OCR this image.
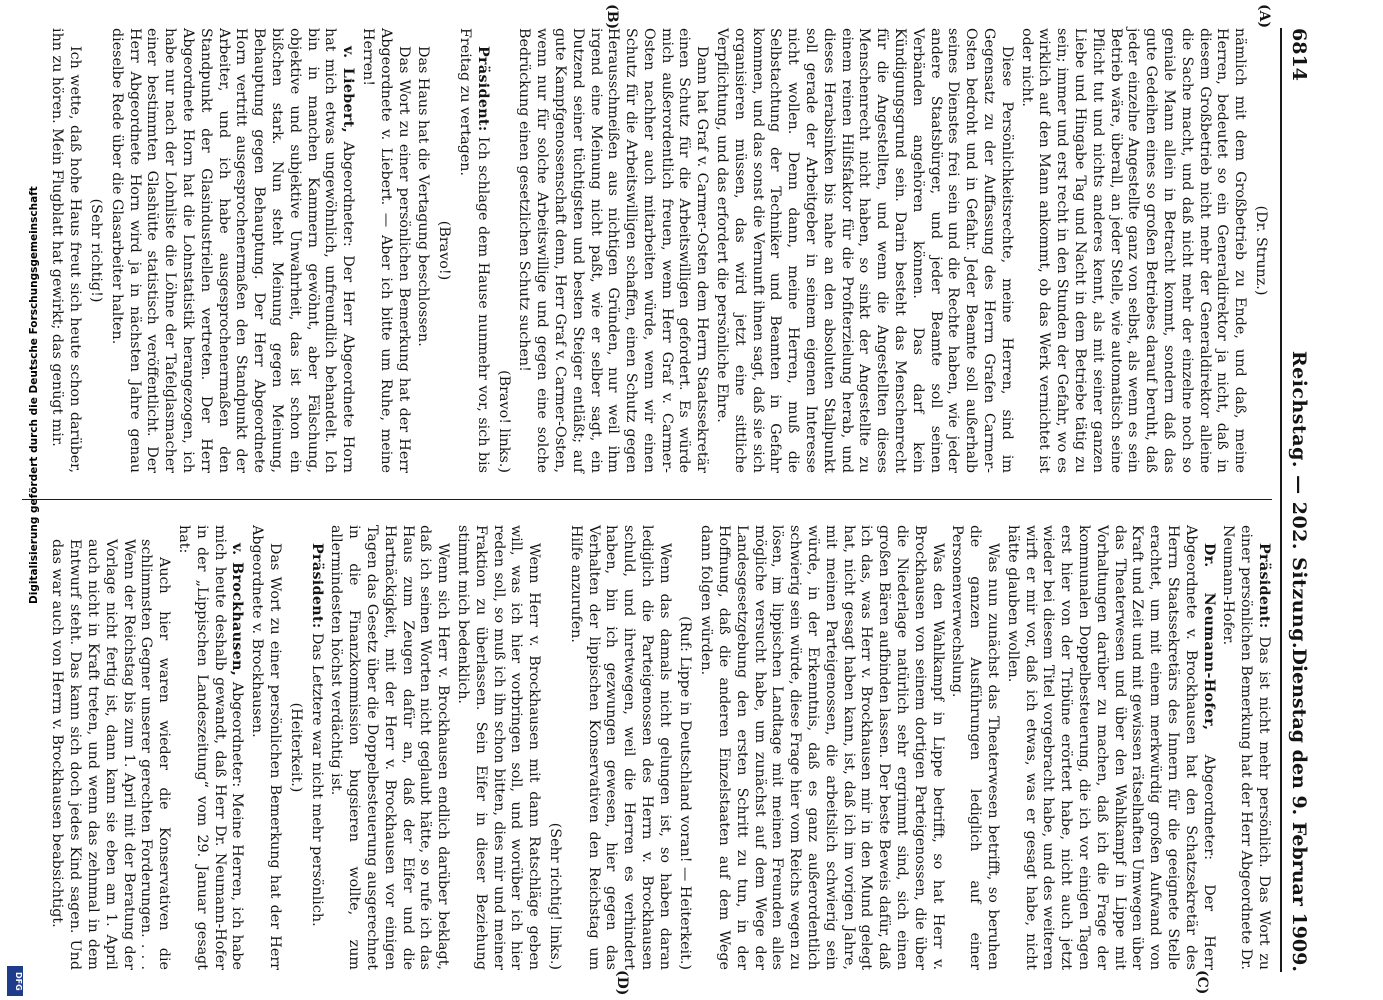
6814
Reichstag. — 202. Sitzung.
Dienstag den 9. Februar 1909.
(A)
(B)
(C)
(D)

(Dr. Strunz.)

nämlich mit dem Großbetrieb zu Ende, und daß, meine Herren, bedeutet so ein Generaldirektor ja nicht, daß in diesem Großbetrieb nicht mehr der Generaldirektor alleine die Sache macht, und daß nicht mehr der einzelne noch so geniale Mann allein in Betracht kommt, sondern daß das gute Gedeihen eines so großen Betriebes darauf beruht, daß jeder einzelne Angestellte ganz von selbst, als wenn es sein Betrieb wäre, überall, an jeder Stelle, wie automatisch seine Pflicht tut und nichts anderes kennt, als mit seiner ganzen Liebe und Hingabe Tag und Nacht in dem Betriebe tätig zu sein; immer und erst recht in den Stunden der Gefahr, wo es wirklich auf den Mann ankommt, ob das Werk vernichtet ist oder nicht.

Diese Persönlichkeitsrechte, meine Herren, sind im Gegensatz zu der Auffassung des Herrn Grafen Carmer-Osten bedroht und in Gefahr. Jeder Beamte soll außerhalb seines Dienstes frei sein und die Rechte haben, wie jeder andere Staatsbürger, und jeder Beamte soll seinen Verbänden angehören können. Das darf kein Kündigungsgrund sein. Darin besteht das Menschenrecht für die Angestellten, und wenn die Angestellten dieses Menschenrecht nicht haben, so sinkt der Angestellte zu einem reinen Hilfsfaktor für die Profiterzielung herab, und dieses Herabsinken bis nahe an den absoluten Stallpunkt soll gerade der Arbeitgeber in seinem eigenen Interesse nicht wollen. Denn dann, meine Herren, muß die Selbstachtung der Techniker und Beamten in Gefahr kommen, und das sonst die Vernunft ihnen sagt, daß sie sich organisieren müssen, das wird jetzt eine sittliche Verpflichtung, und das erfordert die persönliche Ehre.

Dann hat Graf v. Carmer-Osten dem Herrn Staatssekretär einen Schutz für die Arbeitswilligen gefordert. Es würde mich außerordentlich freuen, wenn Herr Graf v. Carmer-Osten nachher auch mitarbeiten würde, wenn wir einen Schutz für die Arbeitswilligen schaffen, einen Schutz gegen Herausschmeißen aus nichtigen Gründen, nur weil ihm irgend eine Meinung nicht paßt, wie er selber sagt, ein Dutzend seiner tüchtigsten und besten Steiger entläßt; auf gute Kampfgenossenschaft denn, Herr Graf v. Carmer-Osten, wenn nur für solche Arbeitswillige und gegen eine solche Bedrückung einen gesetzlichen Schutz suchen!

(Bravo! links.)

Präsident: Ich schlage dem Hause nunmehr vor, sich bis Freitag zu vertagen.

(Bravo!)

Das Haus hat die Vertagung beschlossen.

Das Wort zu einer persönlichen Bemerkung hat der Herr Abgeordnete v. Liebert. — Aber ich bitte um Ruhe, meine Herren!

v. Liebert, Abgeordneter: Der Herr Abgeordnete Horn hat mich etwas ungewöhnlich, unfreundlich behandelt. Ich bin in manchen Kammern gewöhnt, aber Fälschung, objektive und subjektive Unwahrheit, das ist schon ein bißchen stark. Nun steht Meinung gegen Meinung, Behauptung gegen Behauptung. Der Herr Abgeordnete Horn vertritt ausgesprochenermaßen den Standpunkt der Arbeiter, und ich habe ausgesprochenermaßen den Standpunkt der Glasindustriellen vertreten. Der Herr Abgeordnete Horn hat die Lohnstatistik herangezogen, ich habe nur nach der Lohnliste die Löhne der Tafelglasmacher einer bestimmten Glashütte statistisch veröffentlicht. Der Herr Abgeordnete Horn wird ja in nächsten Jahre genau dieselbe Rede über die Glasarbeiter halten.

(Sehr richtig!)

Ich wette, daß hohe Haus freut sich heute schon darüber, ihn zu hören. Mein Flugblatt hat gewirkt; das genügt mir.

Präsident: Das ist nicht mehr persönlich. Das Wort zu einer persönlichen Bemerkung hat der Herr Abgeordnete Dr. Neumann-Hofer.

Dr. Neumann-Hofer, Abgeordneter: Der Herr Abgeordnete v. Brockhausen hat den Schatzsekretär des Herrn Staatssekretärs des Innern für die geeignete Stelle erachtet, um mit einem merkwürdig großen Aufwand von Kraft und Zeit und mit gewissen rätselhaften Umwegen über das Theaterwesen und über den Wahlkampf in Lippe mit Vorhaltungen darüber zu machen, daß ich die Frage der kommunalen Doppelbesteuerung, die ich vor einigen Tagen erst hier von der Tribüne erörtert habe, nicht auch jetzt wieder bei diesem Titel vorgebracht habe, und des weiteren wirft er mir vor, daß ich etwas, was er gesagt habe, nicht hätte glauben wollen.

Was nun zunächst das Theaterwesen betrifft, so beruhen die ganzen Ausführungen lediglich auf einer Personenverwechslung.

Was den Wahlkampf in Lippe betrifft, so hat Herr v. Brockhausen von seinem dortigen Parteigenossen, die über die Niederlage natürlich sehr ergrimmt sind, sich einen großen Bären aufbinden lassen. Der beste Beweis dafür, daß ich das, was Herr v. Brockhausen mir in den Mund gelegt hat, nicht gesagt haben kann, ist, daß ich im vorigen Jahre, mit meinen Parteigenossen, die arbeitslich schwierig sein würde, in der Erkenntnis, daß es ganz außerordentlich schwierig sein würde, diese Frage hier vom Reichs wegen zu lösen, im lippischen Landtage mit meinen Freunden alles mögliche versucht habe, um zunächst auf dem Wege der Landesgesetzgebung den ersten Schritt zu tun, in der Hoffnung, daß die anderen Einzelstaaten auf dem Wege dann folgen würden.

(Ruf: Lippe in Deutschland voran! — Heiterkeit.)

Wenn das damals nicht gelungen ist, so haben daran lediglich die Parteigenossen des Herrn v. Brockhausen schuld, und ihretwegen, weil die Herren es verhindert haben, bin ich gezwungen gewesen, hier gegen das Verhalten der lippischen Konservativen den Reichstag um Hilfe anzurufen.

(Sehr richtig! links.)

Wenn Herr v. Brockhausen mit dann Ratschläge geben will, was ich hier vorbringen soll, und worüber ich hier reden soll, so muß ich ihn schon bitten, dies mir und meiner Fraktion zu überlassen. Sein Eifer in dieser Beziehung stimmt mich bedenklich.

Wenn sich Herr v. Brockhausen endlich darüber beklagt, daß ich seinen Worten nicht geglaubt hätte, so rufe ich das Haus zum Zeugen dafür an, daß der Eifer und die Hartnäckigkeit, mit der Herr v. Brockhausen vor einigen Tagen das Gesetz über die Doppelbesteuerung ausgerechnet in die Finanzkommission bugsieren wollte, zum allermindesten höchst verdächtig ist.

Präsident: Das Letztere war nicht mehr persönlich.

(Heiterkeit.)

Das Wort zu einer persönlichen Bemerkung hat der Herr Abgeordnete v. Brockhausen.

v. Brockhausen, Abgeordneter: Meine Herren, ich habe mich heute deshalb gewandt, daß Herr Dr. Neumann-Hofer in der „Lippischen Landeszeitung“ vom 29. Januar gesagt hat:

Auch hier waren wieder die Konservativen die schlimmsten Gegner unserer gerechten Forderungen. . . . Wenn der Reichstag bis zum 1. April mit der Beratung der Vorlage nicht fertig ist, dann kann sie eben am 1. April auch nicht in Kraft treten, und wenn das zehnmal in dem Entwurf steht. Das kann sich doch jedes Kind sagen. Und das war auch von Herrn v. Brockhausen beabsichtigt.

Digitalisierung gefördert durch die Deutsche Forschungsgemeinschaft
DFG
